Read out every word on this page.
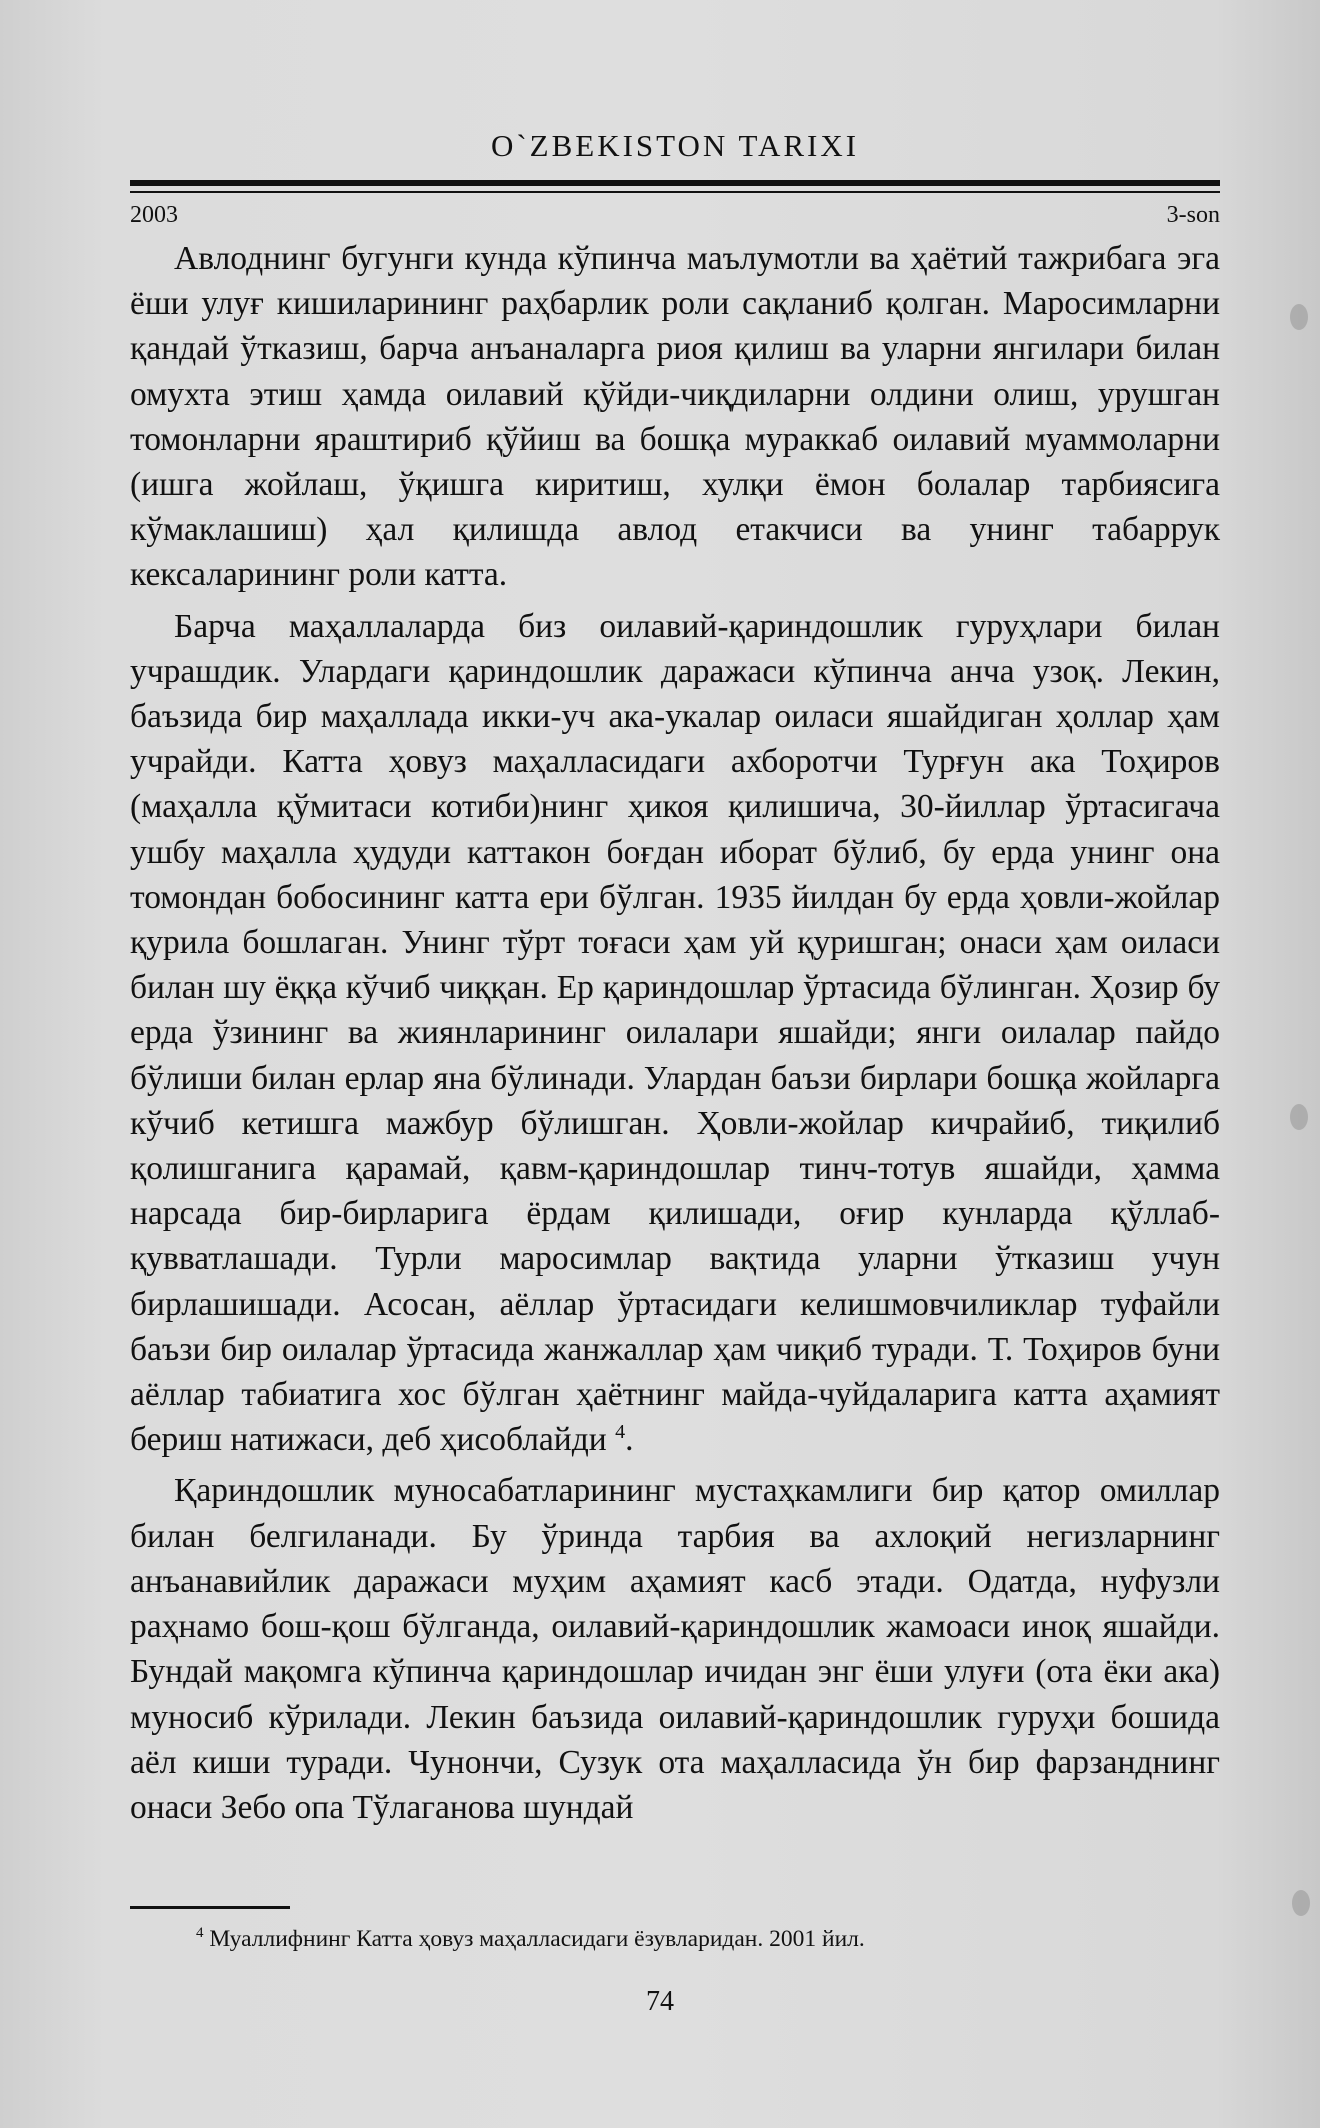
O`ZBEKISTON TARIXI
2003	3-son

Авлоднинг бугунги кунда кўпинча маълумотли ва ҳаётий тажрибага эга ёши улуғ кишиларининг раҳбарлик роли сақланиб қолган. Маросимларни қандай ўтказиш, барча анъаналарга риоя қилиш ва уларни янгилари билан омухта этиш ҳамда оилавий қўйди-чиқдиларни олдини олиш, урушган томонларни яраштириб қўйиш ва бошқа мураккаб оилавий муаммоларни (ишга жойлаш, ўқишга киритиш, хулқи ёмон болалар тарбиясига кўмаклашиш) ҳал қилишда авлод етакчиси ва унинг табаррук кексаларининг роли катта.

Барча маҳаллаларда биз оилавий-қариндошлик гуруҳлари билан учрашдик. Улардаги қариндошлик даражаси кўпинча анча узоқ. Лекин, баъзида бир маҳаллада икки-уч ака-укалар оиласи яшайдиган ҳоллар ҳам учрайди. Катта ҳовуз маҳалласидаги ахборотчи Турғун ака Тоҳиров (маҳалла қўмитаси котиби)нинг ҳикоя қилишича, 30-йиллар ўртасигача ушбу маҳалла ҳудуди каттакон боғдан иборат бўлиб, бу ерда унинг она томондан бобосининг катта ери бўлган. 1935 йилдан бу ерда ҳовли-жойлар қурила бошлаган. Унинг тўрт тоғаси ҳам уй қуришган; онаси ҳам оиласи билан шу ёққа кўчиб чиққан. Ер қариндошлар ўртасида бўлинган. Ҳозир бу ерда ўзининг ва жиянларининг оилалари яшайди; янги оилалар пайдо бўлиши билан ерлар яна бўлинади. Улардан баъзи бирлари бошқа жойларга кўчиб кетишга мажбур бўлишган. Ҳовли-жойлар кичрайиб, тиқилиб қолишганига қарамай, қавм-қариндошлар тинч-тотув яшайди, ҳамма нарсада бир-бирларига ёрдам қилишади, оғир кунларда қўллаб-қувватлашади. Турли маросимлар вақтида уларни ўтказиш учун бирлашишади. Асосан, аёллар ўртасидаги келишмовчиликлар туфайли баъзи бир оилалар ўртасида жанжаллар ҳам чиқиб туради. Т. Тоҳиров буни аёллар табиатига хос бўлган ҳаётнинг майда-чуйдаларига катта аҳамият бериш натижаси, деб ҳисоблайди $^4$.

Қариндошлик муносабатларининг мустаҳкамлиги бир қатор омиллар билан белгиланади. Бу ўринда тарбия ва ахлоқий негизларнинг анъанавийлик даражаси муҳим аҳамият касб этади. Одатда, нуфузли раҳнамо бош-қош бўлганда, оилавий-қариндошлик жамоаси иноқ яшайди. Бундай мақомга кўпинча қариндошлар ичидан энг ёши улуғи (ота ёки ака) муносиб кўрилади. Лекин баъзида оилавий-қариндошлик гуруҳи бошида аёл киши туради. Чунончи, Сузук ота маҳалласида ўн бир фарзанднинг онаси Зебо опа Тўлаганова шундай

$^4$ Муаллифнинг Катта ҳовуз маҳалласидаги ёзувларидан. 2001 йил.
74
